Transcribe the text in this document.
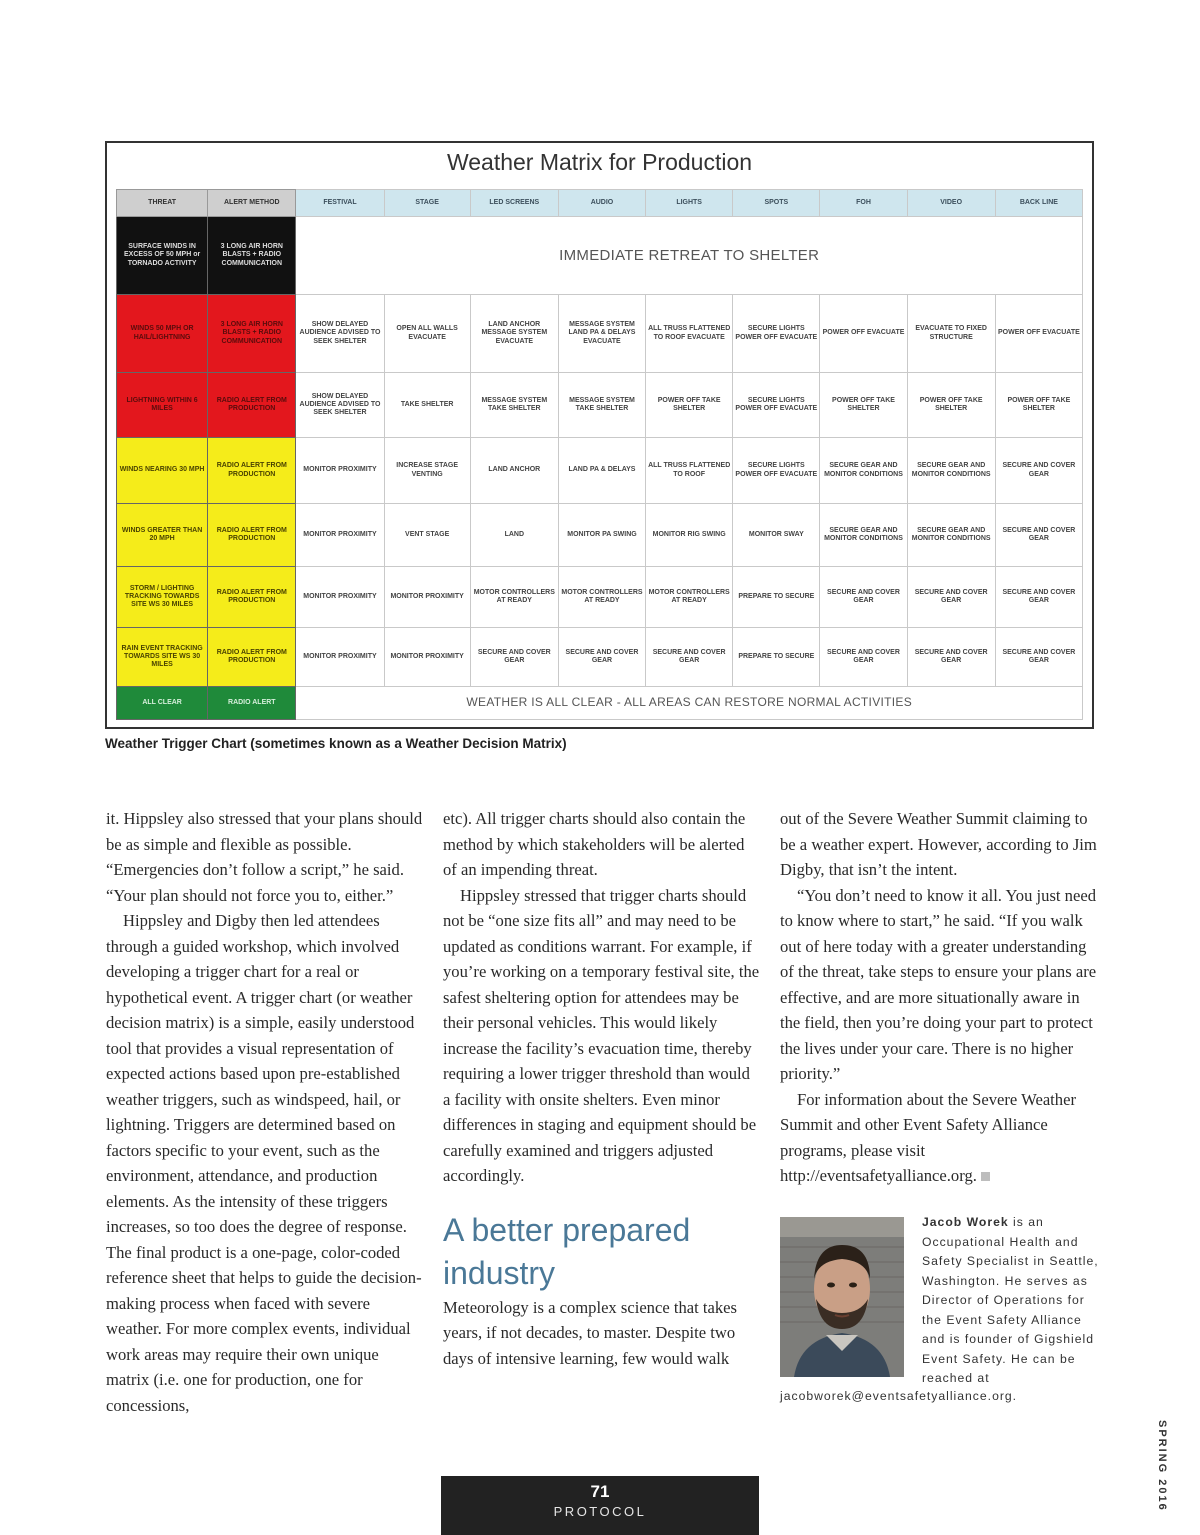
Weather Matrix for Production
THREAT	ALERT METHOD	FESTIVAL	STAGE	LED SCREENS	AUDIO	LIGHTS	SPOTS	FOH	VIDEO	BACK LINE
SURFACE WINDS IN EXCESS OF 50 MPH or TORNADO ACTIVITY	3 LONG AIR HORN BLASTS + RADIO COMMUNICATION	IMMEDIATE RETREAT TO SHELTER								
WINDS 50 MPH OR HAIL/LIGHTNING	3 LONG AIR HORN BLASTS + RADIO COMMUNICATION	SHOW DELAYED AUDIENCE ADVISED TO SEEK SHELTER	OPEN ALL WALLS EVACUATE	LAND ANCHOR MESSAGE SYSTEM EVACUATE	MESSAGE SYSTEM LAND PA & DELAYS EVACUATE	ALL TRUSS FLATTENED TO ROOF EVACUATE	SECURE LIGHTS POWER OFF EVACUATE	POWER OFF EVACUATE	EVACUATE TO FIXED STRUCTURE	POWER OFF EVACUATE
LIGHTNING WITHIN 6 MILES	RADIO ALERT FROM PRODUCTION	SHOW DELAYED AUDIENCE ADVISED TO SEEK SHELTER	TAKE SHELTER	MESSAGE SYSTEM TAKE SHELTER	MESSAGE SYSTEM TAKE SHELTER	POWER OFF TAKE SHELTER	SECURE LIGHTS POWER OFF EVACUATE	POWER OFF TAKE SHELTER	POWER OFF TAKE SHELTER	POWER OFF TAKE SHELTER
WINDS NEARING 30 MPH	RADIO ALERT FROM PRODUCTION	MONITOR PROXIMITY	INCREASE STAGE VENTING	LAND ANCHOR	LAND PA & DELAYS	ALL TRUSS FLATTENED TO ROOF	SECURE LIGHTS POWER OFF EVACUATE	SECURE GEAR AND MONITOR CONDITIONS	SECURE GEAR AND MONITOR CONDITIONS	SECURE AND COVER GEAR
WINDS GREATER THAN 20 MPH	RADIO ALERT FROM PRODUCTION	MONITOR PROXIMITY	VENT STAGE	LAND	MONITOR PA SWING	MONITOR RIG SWING	MONITOR SWAY	SECURE GEAR AND MONITOR CONDITIONS	SECURE GEAR AND MONITOR CONDITIONS	SECURE AND COVER GEAR
STORM / LIGHTING TRACKING TOWARDS SITE WS 30 MILES	RADIO ALERT FROM PRODUCTION	MONITOR PROXIMITY	MONITOR PROXIMITY	MOTOR CONTROLLERS AT READY	MOTOR CONTROLLERS AT READY	MOTOR CONTROLLERS AT READY	PREPARE TO SECURE	SECURE AND COVER GEAR	SECURE AND COVER GEAR	SECURE AND COVER GEAR
RAIN EVENT TRACKING TOWARDS SITE WS 30 MILES	RADIO ALERT FROM PRODUCTION	MONITOR PROXIMITY	MONITOR PROXIMITY	SECURE AND COVER GEAR	SECURE AND COVER GEAR	SECURE AND COVER GEAR	PREPARE TO SECURE	SECURE AND COVER GEAR	SECURE AND COVER GEAR	SECURE AND COVER GEAR
ALL CLEAR	RADIO ALERT	WEATHER IS ALL CLEAR - ALL AREAS CAN RESTORE NORMAL ACTIVITIES								
Weather Trigger Chart (sometimes known as a Weather Decision Matrix)

it. Hippsley also stressed that your plans should be as simple and flexible as possible. “Emergencies don’t follow a script,” he said. “Your plan should not force you to, either.”

Hippsley and Digby then led attendees through a guided workshop, which involved developing a trigger chart for a real or hypothetical event. A trigger chart (or weather decision matrix) is a simple, easily understood tool that provides a visual representation of expected actions based upon pre-established weather triggers, such as windspeed, hail, or lightning. Triggers are determined based on factors specific to your event, such as the environment, attendance, and production elements. As the intensity of these triggers increases, so too does the degree of response. The final product is a one-page, color-coded reference sheet that helps to guide the decision-making process when faced with severe weather. For more complex events, individual work areas may require their own unique matrix (i.e. one for production, one for concessions,

etc). All trigger charts should also contain the method by which stakeholders will be alerted of an impending threat.

Hippsley stressed that trigger charts should not be “one size fits all” and may need to be updated as conditions warrant. For example, if you’re working on a temporary festival site, the safest sheltering option for attendees may be their personal vehicles. This would likely increase the facility’s evacuation time, thereby requiring a lower trigger threshold than would a facility with onsite shelters. Even minor differences in staging and equipment should be carefully examined and triggers adjusted accordingly.

A better prepared industry

Meteorology is a complex science that takes years, if not decades, to master. Despite two days of intensive learning, few would walk

out of the Severe Weather Summit claiming to be a weather expert. However, according to Jim Digby, that isn’t the intent.

“You don’t need to know it all. You just need to know where to start,” he said. “If you walk out of here today with a greater understanding of the threat, take steps to ensure your plans are effective, and are more situationally aware in the field, then you’re doing your part to protect the lives under your care. There is no higher priority.”

For information about the Severe Weather Summit and other Event Safety Alliance programs, please visit http://eventsafetyalliance.org.

Jacob Worek is an Occupational Health and Safety Specialist in Seattle, Washington. He serves as Director of Operations for the Event Safety Alliance and is founder of Gigshield Event Safety. He can be reached at
jacobworek@eventsafetyalliance.org.
71
PROTOCOL	SPRING 2016
